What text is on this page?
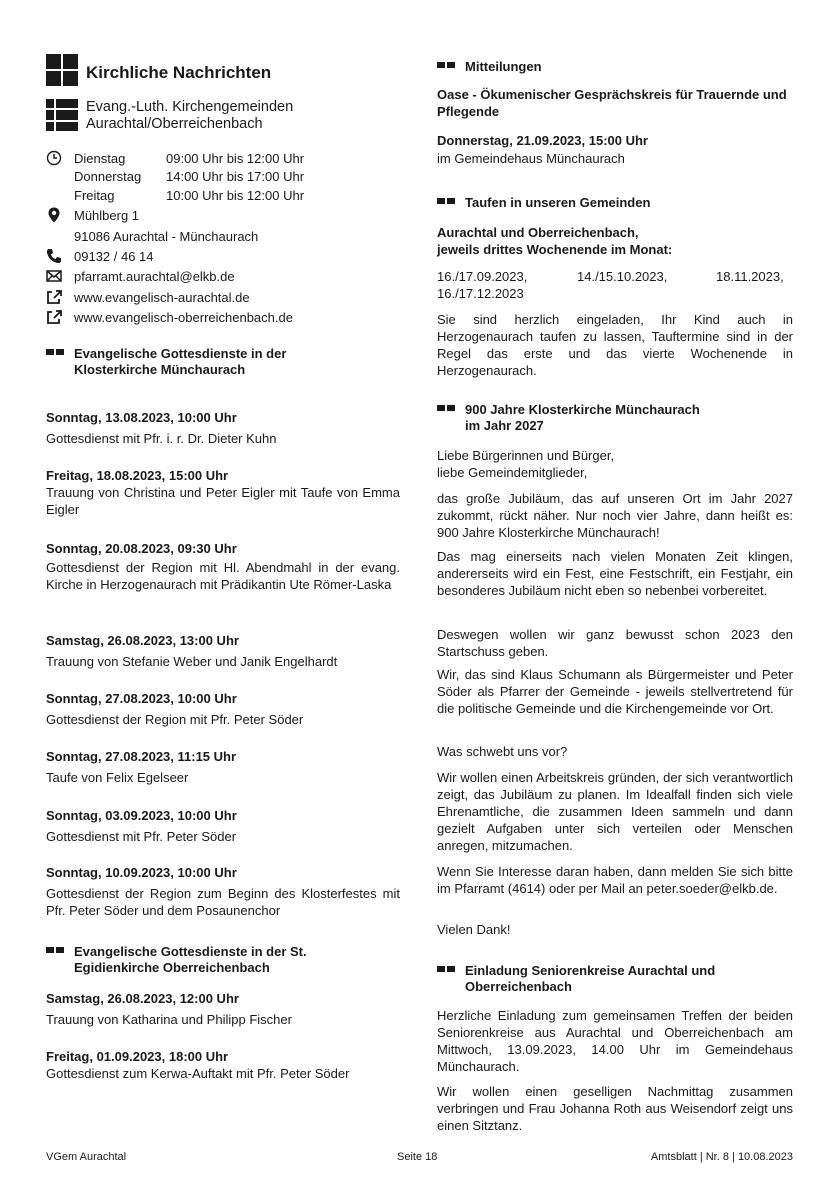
Kirchliche Nachrichten
Evang.-Luth. Kirchengemeinden
Aurachtal/Oberreichenbach
Dienstag	09:00 Uhr bis 12:00 Uhr
Donnerstag 14:00 Uhr bis 17:00 Uhr
Freitag	10:00 Uhr bis 12:00 Uhr
Mühlberg 1
91086 Aurachtal - Münchaurach
09132 / 46 14
pfarramt.aurachtal@elkb.de
www.evangelisch-aurachtal.de
www.evangelisch-oberreichenbach.de
Evangelische Gottesdienste in der
Klosterkirche Münchaurach
Sonntag, 13.08.2023, 10:00 Uhr
Gottesdienst mit Pfr. i. r. Dr. Dieter Kuhn
Freitag, 18.08.2023, 15:00 Uhr
Trauung von Christina und Peter Eigler mit Taufe von Emma Eigler
Sonntag, 20.08.2023, 09:30 Uhr
Gottesdienst der Region mit Hl. Abendmahl in der evang. Kirche in Herzogenaurach mit Prädikantin Ute Römer-Laska
Samstag, 26.08.2023, 13:00 Uhr
Trauung von Stefanie Weber und Janik Engelhardt
Sonntag, 27.08.2023, 10:00 Uhr
Gottesdienst der Region mit Pfr. Peter Söder
Sonntag, 27.08.2023, 11:15 Uhr
Taufe von Felix Egelseer
Sonntag, 03.09.2023, 10:00 Uhr
Gottesdienst mit Pfr. Peter Söder
Sonntag, 10.09.2023, 10:00 Uhr
Gottesdienst der Region zum Beginn des Klosterfestes mit Pfr. Peter Söder und dem Posaunenchor
Evangelische Gottesdienste in der St.
Egidienkirche Oberreichenbach
Samstag, 26.08.2023, 12:00 Uhr
Trauung von Katharina und Philipp Fischer
Freitag, 01.09.2023, 18:00 Uhr
Gottesdienst zum Kerwa-Auftakt mit Pfr. Peter Söder
Mitteilungen
Oase - Ökumenischer Gesprächskreis für Trauernde und Pflegende
Donnerstag, 21.09.2023, 15:00 Uhr
im Gemeindehaus Münchaurach
Taufen in unseren Gemeinden
Aurachtal und Oberreichenbach,
jeweils drittes Wochenende im Monat:
16./17.09.2023,	14./15.10.2023,	18.11.2023,
16./17.12.2023
Sie sind herzlich eingeladen, Ihr Kind auch in Herzogenaurach taufen zu lassen, Tauftermine sind in der Regel das erste und das vierte Wochenende in Herzogenaurach.
900 Jahre Klosterkirche Münchaurach
im Jahr 2027
Liebe Bürgerinnen und Bürger,
liebe Gemeindemitglieder,
das große Jubiläum, das auf unseren Ort im Jahr 2027 zukommt, rückt näher. Nur noch vier Jahre, dann heißt es: 900 Jahre Klosterkirche Münchaurach!
Das mag einerseits nach vielen Monaten Zeit klingen, andererseits wird ein Fest, eine Festschrift, ein Festjahr, ein besonderes Jubiläum nicht eben so nebenbei vorbereitet.
Deswegen wollen wir ganz bewusst schon 2023 den Startschuss geben.
Wir, das sind Klaus Schumann als Bürgermeister und Peter Söder als Pfarrer der Gemeinde - jeweils stellvertretend für die politische Gemeinde und die Kirchengemeinde vor Ort.
Was schwebt uns vor?
Wir wollen einen Arbeitskreis gründen, der sich verantwortlich zeigt, das Jubiläum zu planen. Im Idealfall finden sich viele Ehrenamtliche, die zusammen Ideen sammeln und dann gezielt Aufgaben unter sich verteilen oder Menschen anregen, mitzumachen.
Wenn Sie Interesse daran haben, dann melden Sie sich bitte im Pfarramt (4614) oder per Mail an peter.soeder@elkb.de.
Vielen Dank!
Einladung Seniorenkreise Aurachtal und
Oberreichenbach
Herzliche Einladung zum gemeinsamen Treffen der beiden Seniorenkreise aus Aurachtal und Oberreichenbach am Mittwoch, 13.09.2023, 14.00 Uhr im Gemeindehaus Münchaurach.
Wir wollen einen geselligen Nachmittag zusammen verbringen und Frau Johanna Roth aus Weisendorf zeigt uns einen Sitztanz.
VGem Aurachtal	Seite 18	Amtsblatt | Nr. 8 | 10.08.2023
